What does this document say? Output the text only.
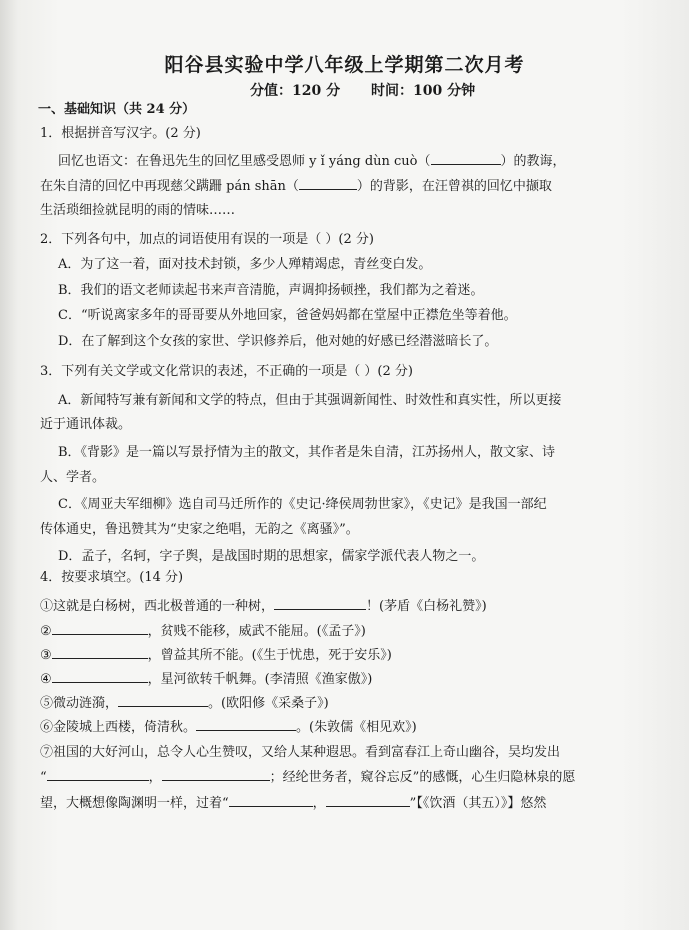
阳谷县实验中学八年级上学期第二次月考
分值：120 分 时间：100 分钟
一、基础知识（共 24 分）
1．根据拼音写汉字。(2 分)
回忆也语文：在鲁迅先生的回忆里感受恩师 y ǐ yáng dùn cuò（	）的教诲，
在朱自清的回忆中再现慈父蹒跚 pán shān（	）的背影，在汪曾祺的回忆中撷取
生活琐细捡就昆明的雨的情味……
2．下列各句中，加点的词语使用有误的一项是（ ）(2 分)
A．为了这一着，面对技术封锁，多少人殚精竭虑，青丝变白发。
B．我们的语文老师读起书来声音清脆，声调抑扬顿挫，我们都为之着迷。
C．“听说离家多年的哥哥要从外地回家，爸爸妈妈都在堂屋中正襟危坐等着他。
D．在了解到这个女孩的家世、学识修养后，他对她的好感已经潜滋暗长了。
3．下列有关文学或文化常识的表述，不正确的一项是（ ）(2 分)
A．新闻特写兼有新闻和文学的特点，但由于其强调新闻性、时效性和真实性，所以更接
近于通讯体裁。
B．《背影》是一篇以写景抒情为主的散文，其作者是朱自清，江苏扬州人，散文家、诗
人、学者。
C．《周亚夫军细柳》选自司马迁所作的《史记·绛侯周勃世家》，《史记》是我国一部纪
传体通史，鲁迅赞其为“史家之绝唱，无韵之《离骚》”。
D．孟子，名轲，字子舆，是战国时期的思想家，儒家学派代表人物之一。
4．按要求填空。(14 分)
①这就是白杨树，西北极普通的一种树，	！(茅盾《白杨礼赞》)
②	，贫贱不能移，威武不能屈。(《孟子》)
③	，曾益其所不能。(《生于忧患，死于安乐》)
④	，星河欲转千帆舞。(李清照《渔家傲》)
⑤微动涟漪，	。(欧阳修《采桑子》)
⑥金陵城上西楼，倚清秋。	。(朱敦儒《相见欢》)
⑦祖国的大好河山，总令人心生赞叹，又给人某种遐思。看到富春江上奇山幽谷，吴均发出
“	，	；经纶世务者，窥谷忘反”的感慨，心生归隐林泉的愿
望，大概想像陶渊明一样，过着“	，	”【《饮酒（其五）》】悠然
